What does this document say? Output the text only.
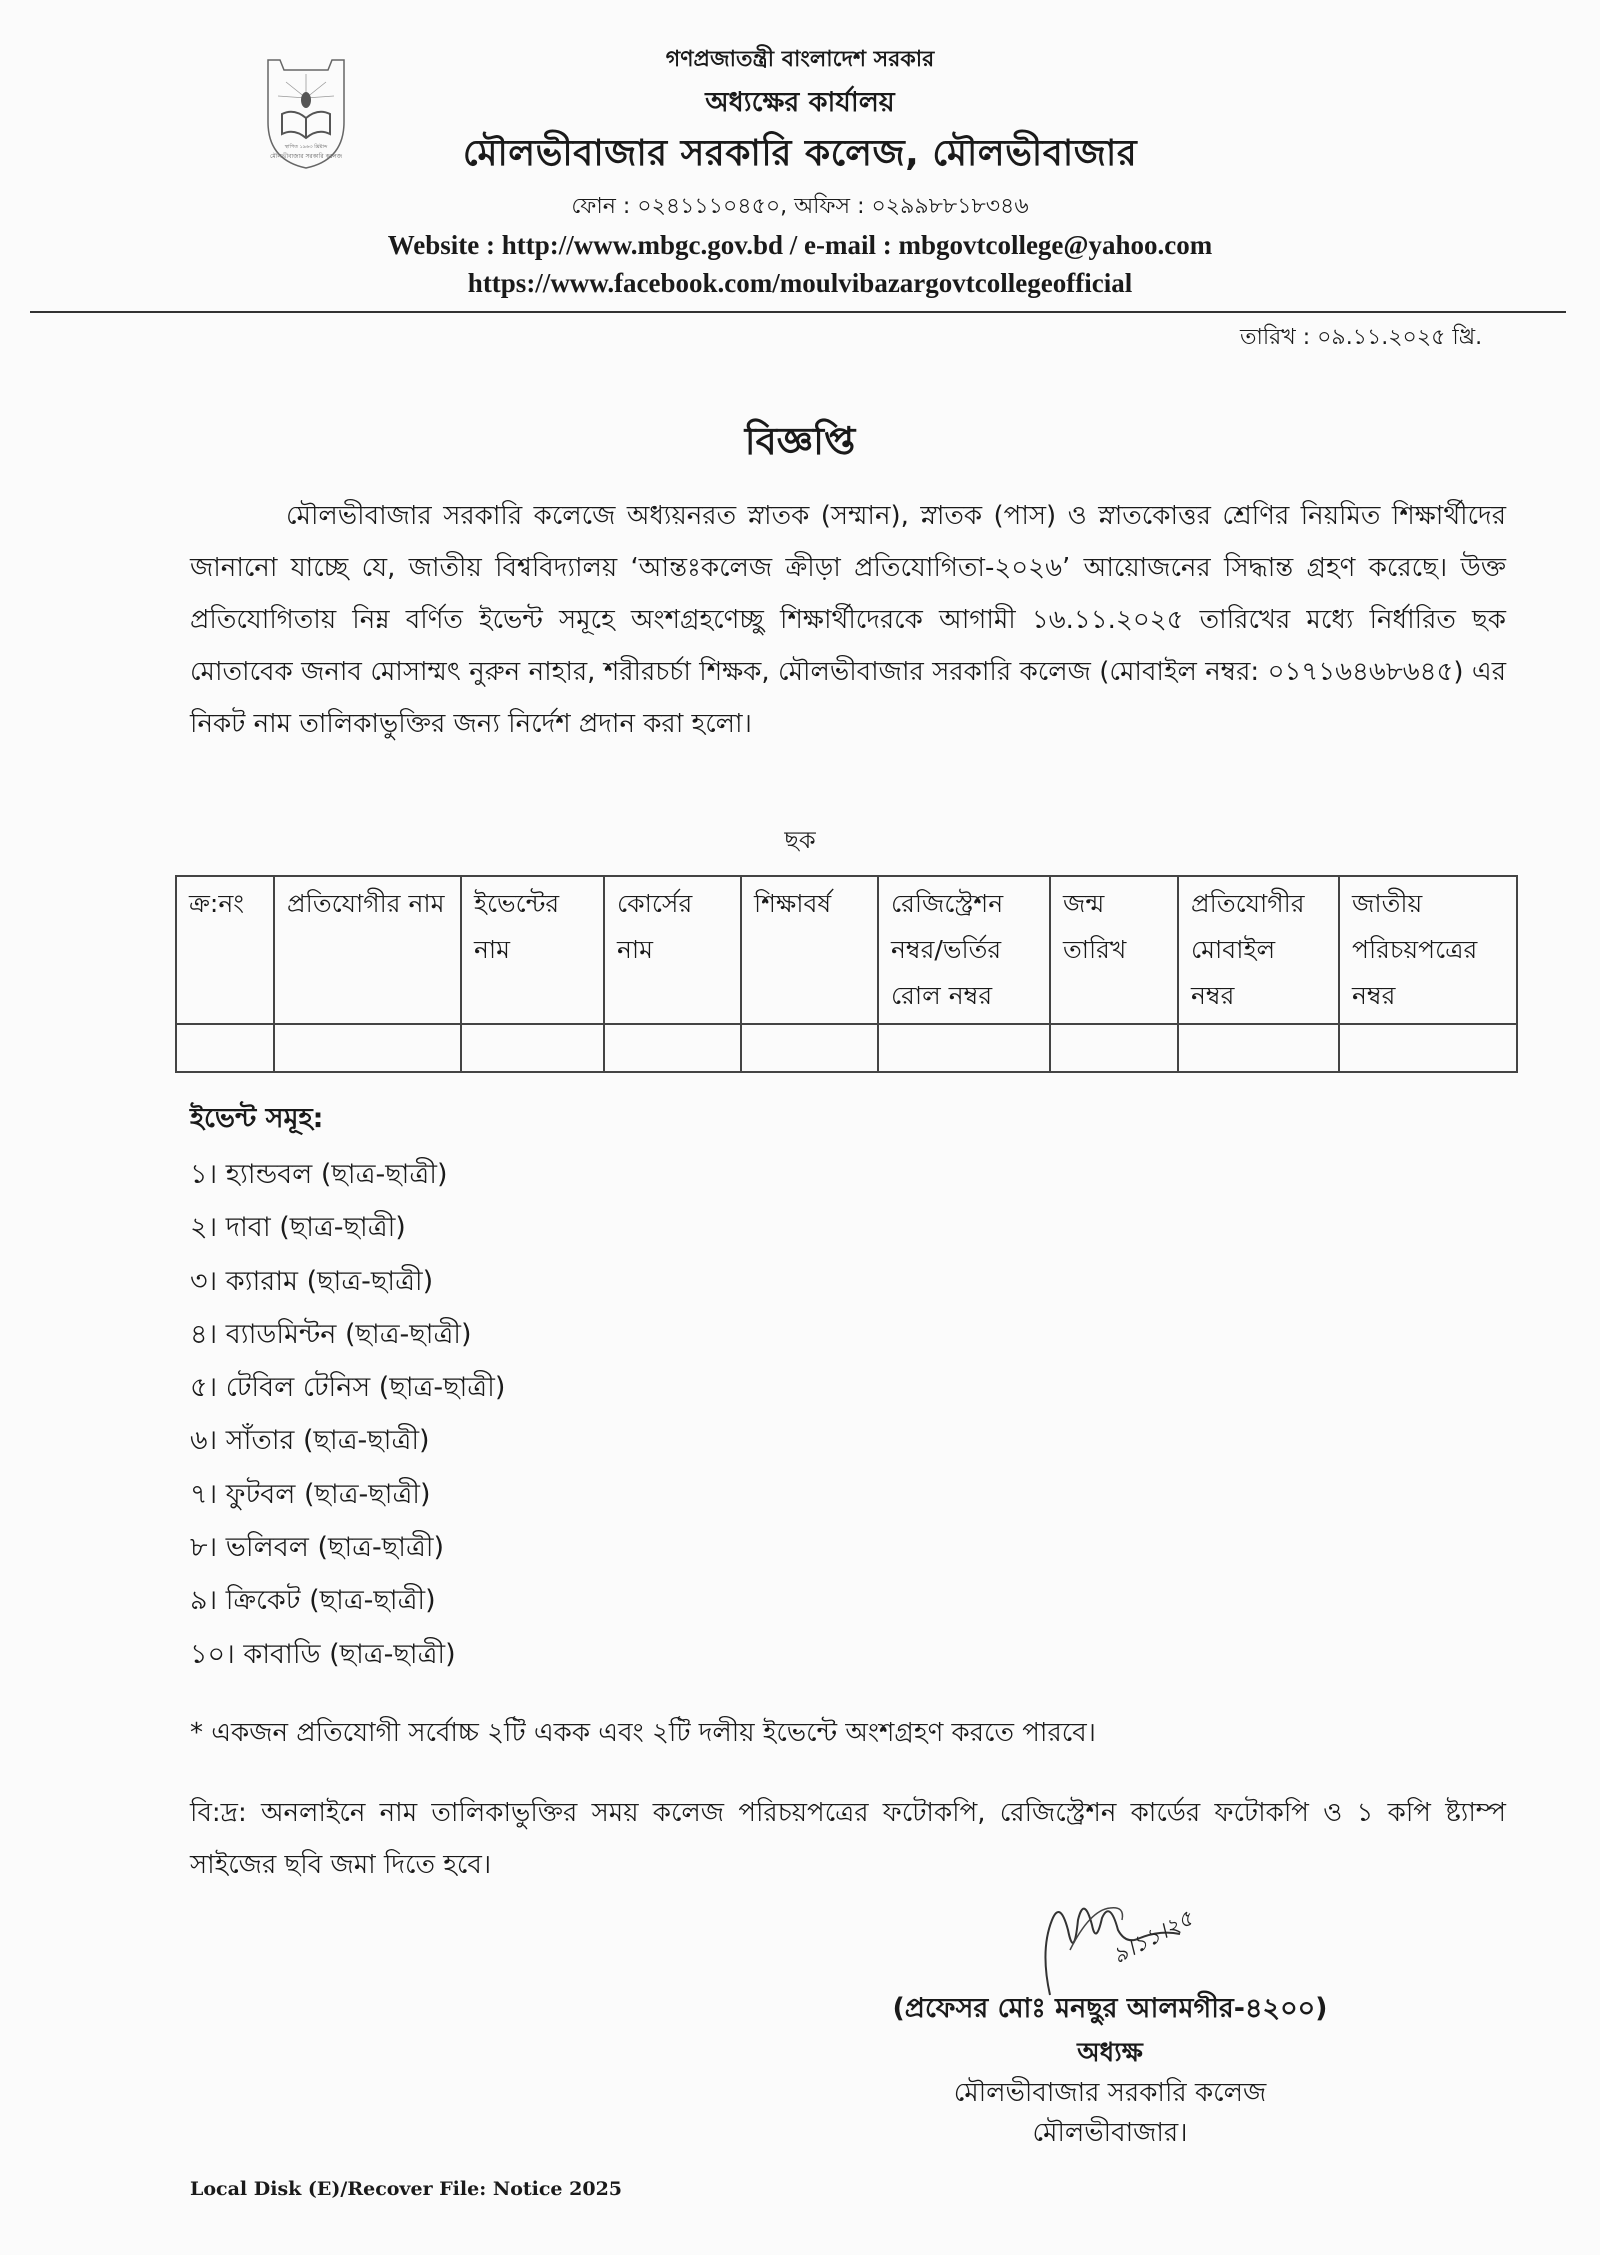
স্থাপিত ১৯৬৩ খ্রিষ্টাব্দ
মৌলভীবাজার সরকারি কলেজ
গণপ্রজাতন্ত্রী বাংলাদেশ সরকার
অধ্যক্ষের কার্যালয়
মৌলভীবাজার সরকারি কলেজ, মৌলভীবাজার
ফোন : ০২৪১১১০৪৫০, অফিস : ০২৯৯৮৮১৮৩৪৬
Website : http://www.mbgc.gov.bd / e-mail : mbgovtcollege@yahoo.com
https://www.facebook.com/moulvibazargovtcollegeofficial
তারিখ : ০৯.১১.২০২৫ খ্রি.
বিজ্ঞপ্তি
মৌলভীবাজার সরকারি কলেজে অধ্যয়নরত স্নাতক (সম্মান), স্নাতক (পাস) ও স্নাতকোত্তর শ্রেণির নিয়মিত শিক্ষার্থীদের জানানো যাচ্ছে যে, জাতীয় বিশ্ববিদ্যালয় ‘আন্তঃকলেজ ক্রীড়া প্রতিযোগিতা-২০২৬’ আয়োজনের সিদ্ধান্ত গ্রহণ করেছে। উক্ত প্রতিযোগিতায় নিম্ন বর্ণিত ইভেন্ট সমূহে অংশগ্রহণেচ্ছু শিক্ষার্থীদেরকে আগামী ১৬.১১.২০২৫ তারিখের মধ্যে নির্ধারিত ছক মোতাবেক জনাব মোসাম্মৎ নুরুন নাহার, শরীরচর্চা শিক্ষক, মৌলভীবাজার সরকারি কলেজ (মোবাইল নম্বর: ০১৭১৬৪৬৮৬৪৫) এর নিকট নাম তালিকাভুক্তির জন্য নির্দেশ প্রদান করা হলো।
ছক
ক্র:নং	প্রতিযোগীর নাম	ইভেন্টের নাম	কোর্সের নাম	শিক্ষাবর্ষ	রেজিস্ট্রেশন নম্বর/ভর্তির রোল নম্বর	জন্ম তারিখ	প্রতিযোগীর মোবাইল নম্বর	জাতীয় পরিচয়পত্রের নম্বর

ইভেন্ট সমূহ:
১। হ্যান্ডবল (ছাত্র-ছাত্রী)
২। দাবা (ছাত্র-ছাত্রী)
৩। ক্যারাম (ছাত্র-ছাত্রী)
৪। ব্যাডমিন্টন (ছাত্র-ছাত্রী)
৫। টেবিল টেনিস (ছাত্র-ছাত্রী)
৬। সাঁতার (ছাত্র-ছাত্রী)
৭। ফুটবল (ছাত্র-ছাত্রী)
৮। ভলিবল (ছাত্র-ছাত্রী)
৯। ক্রিকেট (ছাত্র-ছাত্রী)
১০। কাবাডি (ছাত্র-ছাত্রী)
* একজন প্রতিযোগী সর্বোচ্চ ২টি একক এবং ২টি দলীয় ইভেন্টে অংশগ্রহণ করতে পারবে।
বি:দ্র: অনলাইনে নাম তালিকাভুক্তির সময় কলেজ পরিচয়পত্রের ফটোকপি, রেজিস্ট্রেশন কার্ডের ফটোকপি ও ১ কপি ষ্ট্যাম্প সাইজের ছবি জমা দিতে হবে।
৯।১১।২৫
(প্রফেসর মোঃ মনছুর আলমগীর-৪২০০)
অধ্যক্ষ
মৌলভীবাজার সরকারি কলেজ
মৌলভীবাজার।
Local Disk (E)/Recover File: Notice 2025
